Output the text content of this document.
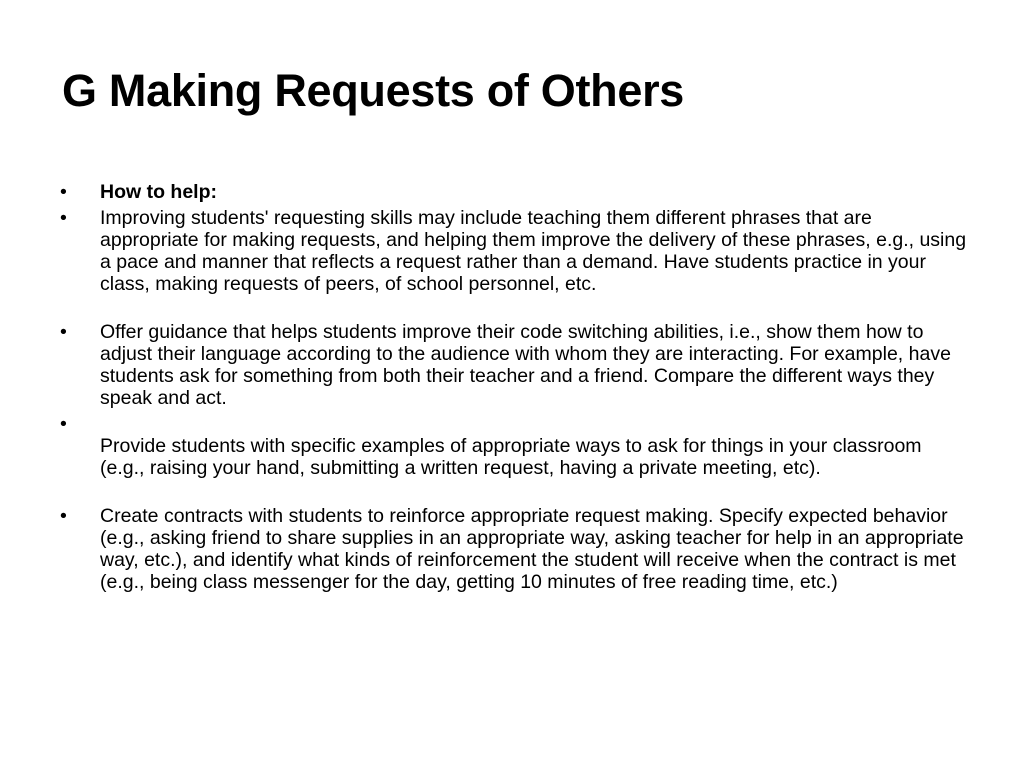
G Making Requests of Others
•	How to help:
•	Improving students' requesting skills may include teaching them different phrases that are appropriate for making requests, and helping them improve the delivery of these phrases, e.g., using a pace and manner that reflects a request rather than a demand. Have students practice in your class, making requests of peers, of school personnel, etc.
•	Offer guidance that helps students improve their code switching abilities, i.e., show them how to adjust their language according to the audience with whom they are interacting. For example, have students ask for something from both their teacher and a friend. Compare the different ways they speak and act.
•
Provide students with specific examples of appropriate ways to ask for things in your classroom (e.g., raising your hand, submitting a written request, having a private meeting, etc).
•	Create contracts with students to reinforce appropriate request making. Specify expected behavior (e.g., asking friend to share supplies in an appropriate way, asking teacher for help in an appropriate way, etc.), and identify what kinds of reinforcement the student will receive when the contract is met (e.g., being class messenger for the day, getting 10 minutes of free reading time, etc.)
